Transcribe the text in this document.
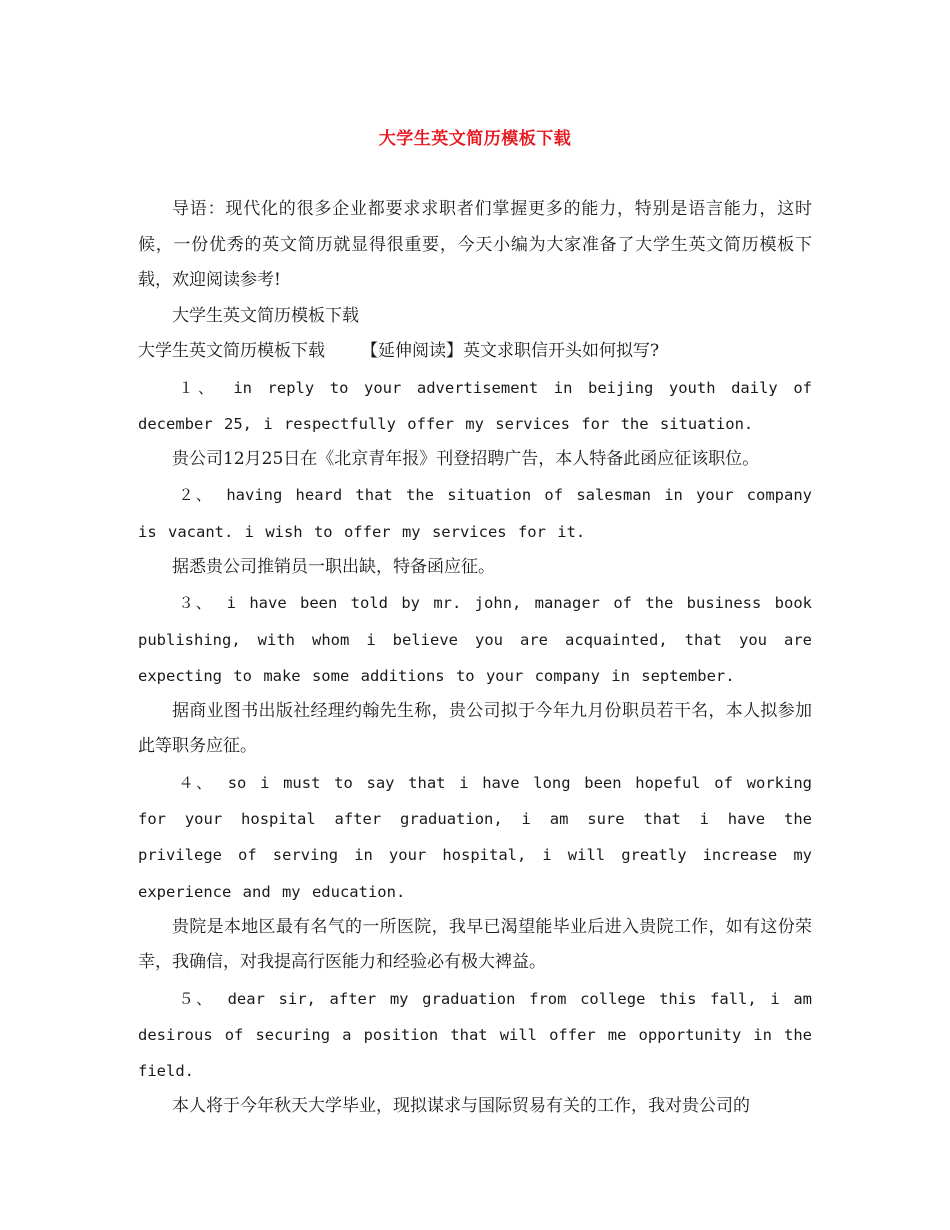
大学生英文简历模板下载

导语：现代化的很多企业都要求求职者们掌握更多的能力，特别是语言能力，这时候，一份优秀的英文简历就显得很重要，今天小编为大家准备了大学生英文简历模板下载，欢迎阅读参考!

大学生英文简历模板下载

大学生英文简历模板下载 【延伸阅读】英文求职信开头如何拟写?

１、 in reply to your advertisement in beijing youth daily of december 25, i respectfully offer my services for the situation.

贵公司12月25日在《北京青年报》刊登招聘广告，本人特备此函应征该职位。

２、 having heard that the situation of salesman in your company is vacant. i wish to offer my services for it.

据悉贵公司推销员一职出缺，特备函应征。

３、 i have been told by mr. john, manager of the business book publishing, with whom i believe you are acquainted, that you are expecting to make some additions to your company in september.

据商业图书出版社经理约翰先生称，贵公司拟于今年九月份职员若干名，本人拟参加此等职务应征。

４、 so i must to say that i have long been hopeful of working for your hospital after graduation, i am sure that i have the privilege of serving in your hospital, i will greatly increase my experience and my education.

贵院是本地区最有名气的一所医院，我早已渴望能毕业后进入贵院工作，如有这份荣幸，我确信，对我提高行医能力和经验必有极大裨益。

５、 dear sir, after my graduation from college this fall, i am desirous of securing a position that will offer me opportunity in the field.

本人将于今年秋天大学毕业，现拟谋求与国际贸易有关的工作，我对贵公司的
